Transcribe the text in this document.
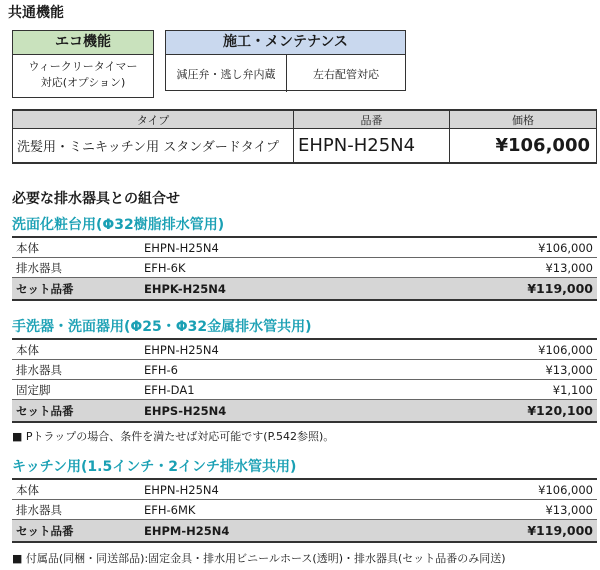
共通機能
エコ機能
ウィークリータイマー
対応(オプション)
施工・メンテナンス
減圧弁・逃し弁内蔵	左右配管対応
タイプ	品番	価格
洗髪用・ミニキッチン用 スタンダードタイプ	EHPN-H25N4	¥106,000
必要な排水器具との組合せ
洗面化粧台用(Φ32樹脂排水管用)
本体	EHPN-H25N4	¥106,000
排水器具	EFH-6K	¥13,000
セット品番	EHPK-H25N4	¥119,000
手洗器・洗面器用(Φ25・Φ32金属排水管共用)
本体	EHPN-H25N4	¥106,000
排水器具	EFH-6	¥13,000
固定脚	EFH-DA1	¥1,100
セット品番	EHPS-H25N4	¥120,100
■ Pトラップの場合、条件を満たせば対応可能です(P.542参照)。
キッチン用(1.5インチ・2インチ排水管共用)
本体	EHPN-H25N4	¥106,000
排水器具	EFH-6MK	¥13,000
セット品番	EHPM-H25N4	¥119,000
■ 付属品(同梱・同送部品):固定金具・排水用ビニールホース(透明)・排水器具(セット品番のみ同送)
